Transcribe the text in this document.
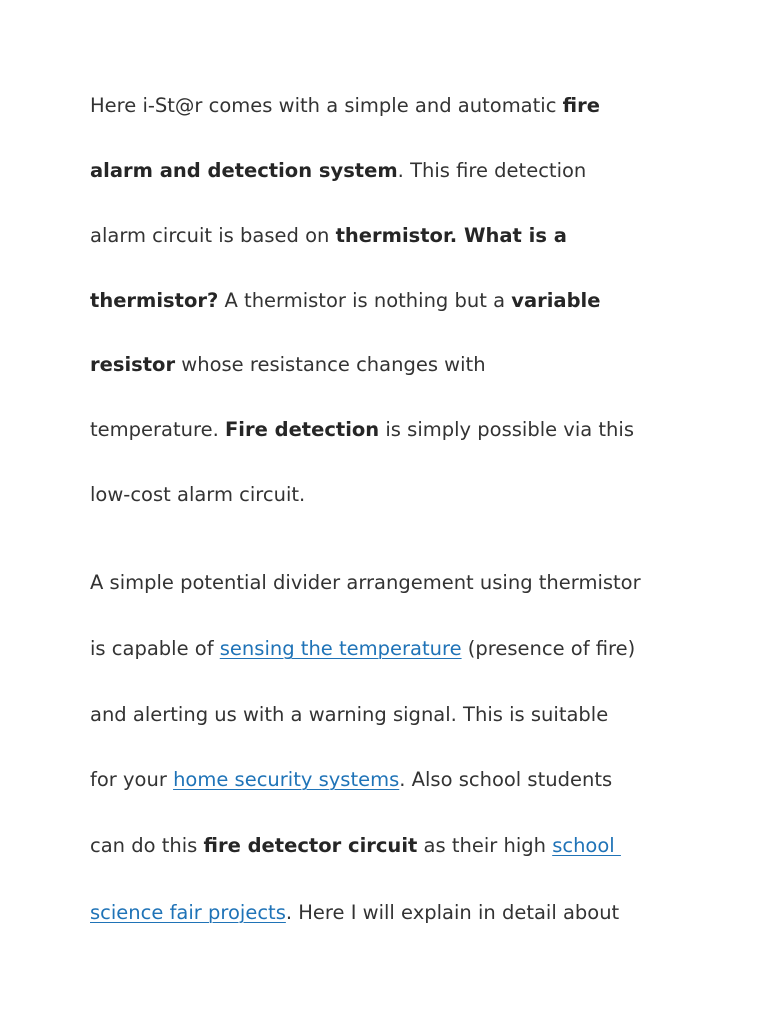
Here i-St@r comes with a simple and automatic fire
alarm and detection system. This fire detection
alarm circuit is based on thermistor. What is a
thermistor? A thermistor is nothing but a variable
resistor whose resistance changes with
temperature. Fire detection is simply possible via this
low-cost alarm circuit.
A simple potential divider arrangement using thermistor
is capable of sensing the temperature (presence of fire)
and alerting us with a warning signal. This is suitable
for your home security systems. Also school students
can do this fire detector circuit as their high school
science fair projects. Here I will explain in detail about
